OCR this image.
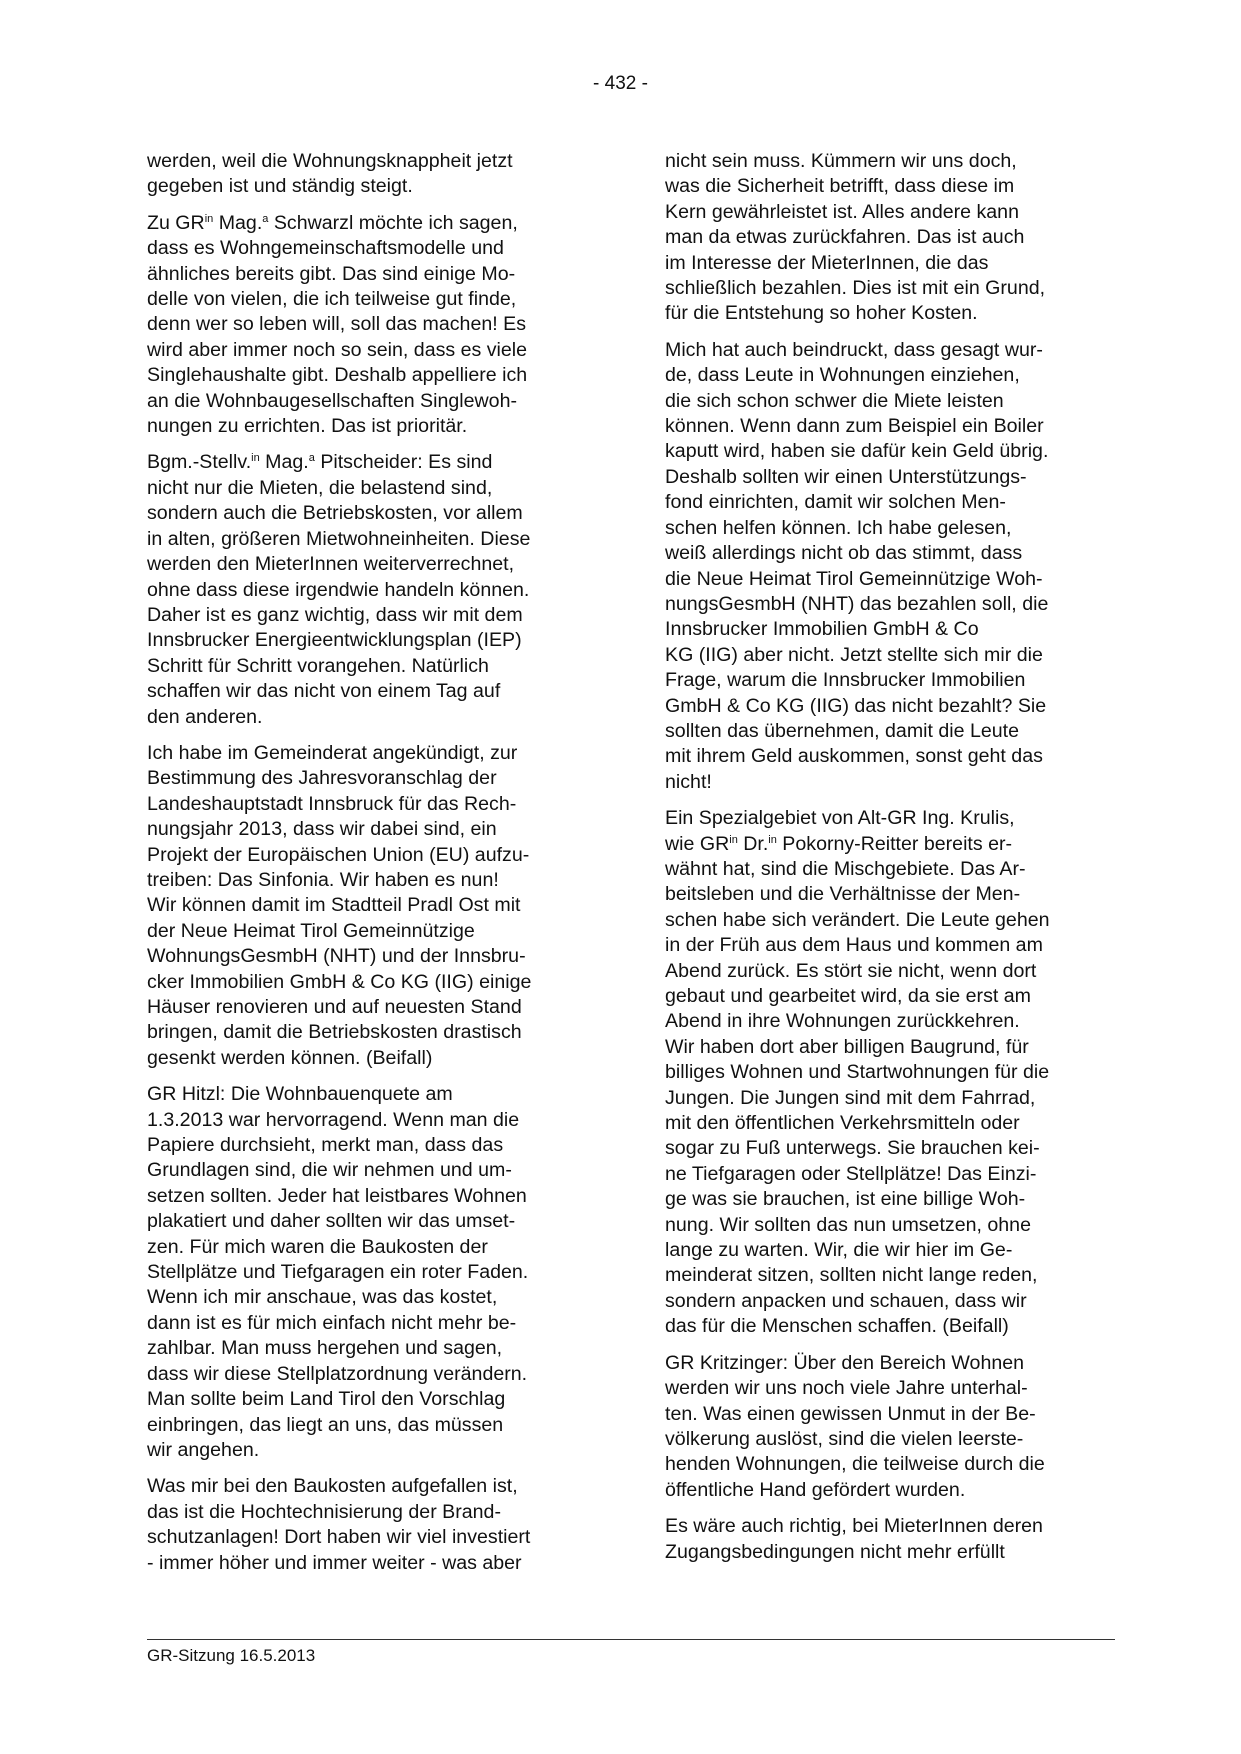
- 432 -

werden, weil die Wohnungsknappheit jetzt
gegeben ist und ständig steigt.

Zu $GR^{in}$ Mag.$^a$ Schwarzl möchte ich sagen,
dass es Wohngemeinschaftsmodelle und
ähnliches bereits gibt. Das sind einige Mo-
delle von vielen, die ich teilweise gut finde,
denn wer so leben will, soll das machen! Es
wird aber immer noch so sein, dass es viele
Singlehaushalte gibt. Deshalb appelliere ich
an die Wohnbaugesellschaften Singlewoh-
nungen zu errichten. Das ist prioritär.

Bgm.-Stellv.$^{in}$ Mag.$^a$ Pitscheider: Es sind
nicht nur die Mieten, die belastend sind,
sondern auch die Betriebskosten, vor allem
in alten, größeren Mietwohneinheiten. Diese
werden den MieterInnen weiterverrechnet,
ohne dass diese irgendwie handeln können.
Daher ist es ganz wichtig, dass wir mit dem
Innsbrucker Energieentwicklungsplan (IEP)
Schritt für Schritt vorangehen. Natürlich
schaffen wir das nicht von einem Tag auf
den anderen.

Ich habe im Gemeinderat angekündigt, zur
Bestimmung des Jahresvoranschlag der
Landeshauptstadt Innsbruck für das Rech-
nungsjahr 2013, dass wir dabei sind, ein
Projekt der Europäischen Union (EU) aufzu-
treiben: Das Sinfonia. Wir haben es nun!
Wir können damit im Stadtteil Pradl Ost mit
der Neue Heimat Tirol Gemeinnützige
WohnungsGesmbH (NHT) und der Innsbru-
cker Immobilien GmbH & Co KG (IIG) einige
Häuser renovieren und auf neuesten Stand
bringen, damit die Betriebskosten drastisch
gesenkt werden können. (Beifall)

GR Hitzl: Die Wohnbauenquete am
1.3.2013 war hervorragend. Wenn man die
Papiere durchsieht, merkt man, dass das
Grundlagen sind, die wir nehmen und um-
setzen sollten. Jeder hat leistbares Wohnen
plakatiert und daher sollten wir das umset-
zen. Für mich waren die Baukosten der
Stellplätze und Tiefgaragen ein roter Faden.
Wenn ich mir anschaue, was das kostet,
dann ist es für mich einfach nicht mehr be-
zahlbar. Man muss hergehen und sagen,
dass wir diese Stellplatzordnung verändern.
Man sollte beim Land Tirol den Vorschlag
einbringen, das liegt an uns, das müssen
wir angehen.

Was mir bei den Baukosten aufgefallen ist,
das ist die Hochtechnisierung der Brand-
schutzanlagen! Dort haben wir viel investiert
- immer höher und immer weiter - was aber

nicht sein muss. Kümmern wir uns doch,
was die Sicherheit betrifft, dass diese im
Kern gewährleistet ist. Alles andere kann
man da etwas zurückfahren. Das ist auch
im Interesse der MieterInnen, die das
schließlich bezahlen. Dies ist mit ein Grund,
für die Entstehung so hoher Kosten.

Mich hat auch beindruckt, dass gesagt wur-
de, dass Leute in Wohnungen einziehen,
die sich schon schwer die Miete leisten
können. Wenn dann zum Beispiel ein Boiler
kaputt wird, haben sie dafür kein Geld übrig.
Deshalb sollten wir einen Unterstützungs-
fond einrichten, damit wir solchen Men-
schen helfen können. Ich habe gelesen,
weiß allerdings nicht ob das stimmt, dass
die Neue Heimat Tirol Gemeinnützige Woh-
nungsGesmbH (NHT) das bezahlen soll, die
Innsbrucker Immobilien GmbH & Co
KG (IIG) aber nicht. Jetzt stellte sich mir die
Frage, warum die Innsbrucker Immobilien
GmbH & Co KG (IIG) das nicht bezahlt? Sie
sollten das übernehmen, damit die Leute
mit ihrem Geld auskommen, sonst geht das
nicht!

Ein Spezialgebiet von Alt-GR Ing. Krulis,
wie $GR^{in}$ Dr.$^{in}$ Pokorny-Reitter bereits er-
wähnt hat, sind die Mischgebiete. Das Ar-
beitsleben und die Verhältnisse der Men-
schen habe sich verändert. Die Leute gehen
in der Früh aus dem Haus und kommen am
Abend zurück. Es stört sie nicht, wenn dort
gebaut und gearbeitet wird, da sie erst am
Abend in ihre Wohnungen zurückkehren.
Wir haben dort aber billigen Baugrund, für
billiges Wohnen und Startwohnungen für die
Jungen. Die Jungen sind mit dem Fahrrad,
mit den öffentlichen Verkehrsmitteln oder
sogar zu Fuß unterwegs. Sie brauchen kei-
ne Tiefgaragen oder Stellplätze! Das Einzi-
ge was sie brauchen, ist eine billige Woh-
nung. Wir sollten das nun umsetzen, ohne
lange zu warten. Wir, die wir hier im Ge-
meinderat sitzen, sollten nicht lange reden,
sondern anpacken und schauen, dass wir
das für die Menschen schaffen. (Beifall)

GR Kritzinger: Über den Bereich Wohnen
werden wir uns noch viele Jahre unterhal-
ten. Was einen gewissen Unmut in der Be-
völkerung auslöst, sind die vielen leerste-
henden Wohnungen, die teilweise durch die
öffentliche Hand gefördert wurden.

Es wäre auch richtig, bei MieterInnen deren
Zugangsbedingungen nicht mehr erfüllt

GR-Sitzung 16.5.2013
